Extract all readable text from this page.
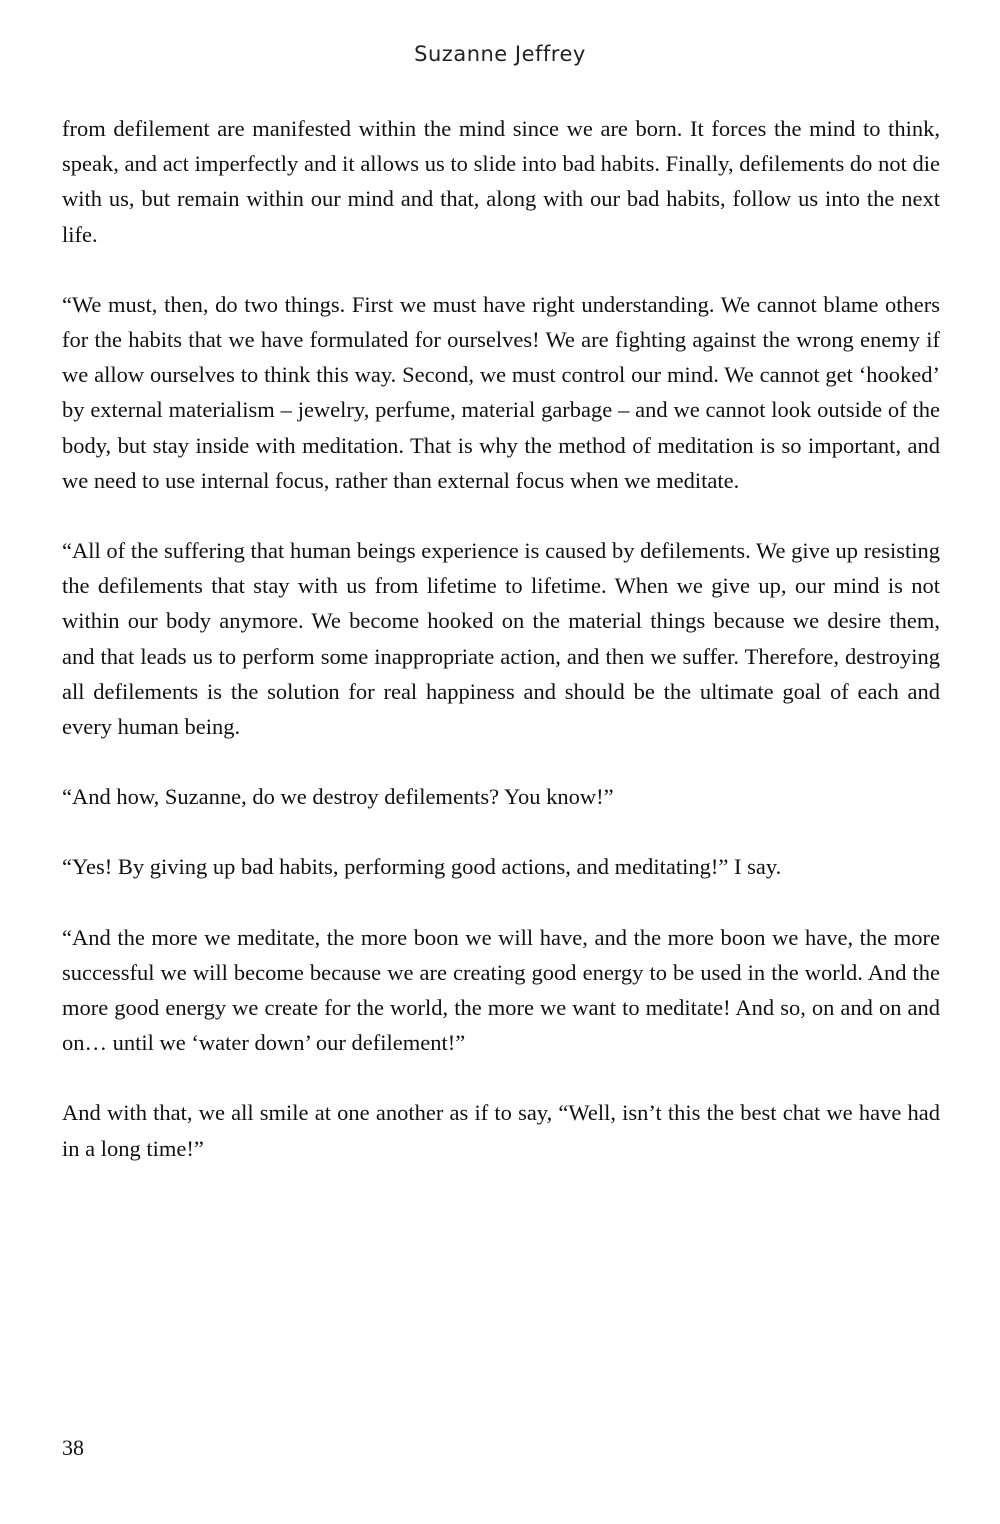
Suzanne Jeffrey

from defilement are manifested within the mind since we are born. It forces the mind to think, speak, and act imperfectly and it allows us to slide into bad habits. Finally, defilements do not die with us, but remain within our mind and that, along with our bad habits, follow us into the next life.

“We must, then, do two things. First we must have right understanding. We cannot blame others for the habits that we have formulated for ourselves! We are fighting against the wrong enemy if we allow ourselves to think this way. Second, we must control our mind. We cannot get ‘hooked’ by external materialism – jewelry, perfume, material garbage – and we cannot look outside of the body, but stay inside with meditation. That is why the method of meditation is so important, and we need to use internal focus, rather than external focus when we meditate.

“All of the suffering that human beings experience is caused by defilements. We give up resisting the defilements that stay with us from lifetime to lifetime. When we give up, our mind is not within our body anymore. We become hooked on the material things because we desire them, and that leads us to perform some inappropriate action, and then we suffer. Therefore, destroying all defilements is the solution for real happiness and should be the ultimate goal of each and every human being.

“And how, Suzanne, do we destroy defilements? You know!”

“Yes! By giving up bad habits, performing good actions, and meditating!” I say.

“And the more we meditate, the more boon we will have, and the more boon we have, the more successful we will become because we are creating good energy to be used in the world. And the more good energy we create for the world, the more we want to meditate! And so, on and on and on… until we ‘water down’ our defilement!”

And with that, we all smile at one another as if to say, “Well, isn’t this the best chat we have had in a long time!”

38
